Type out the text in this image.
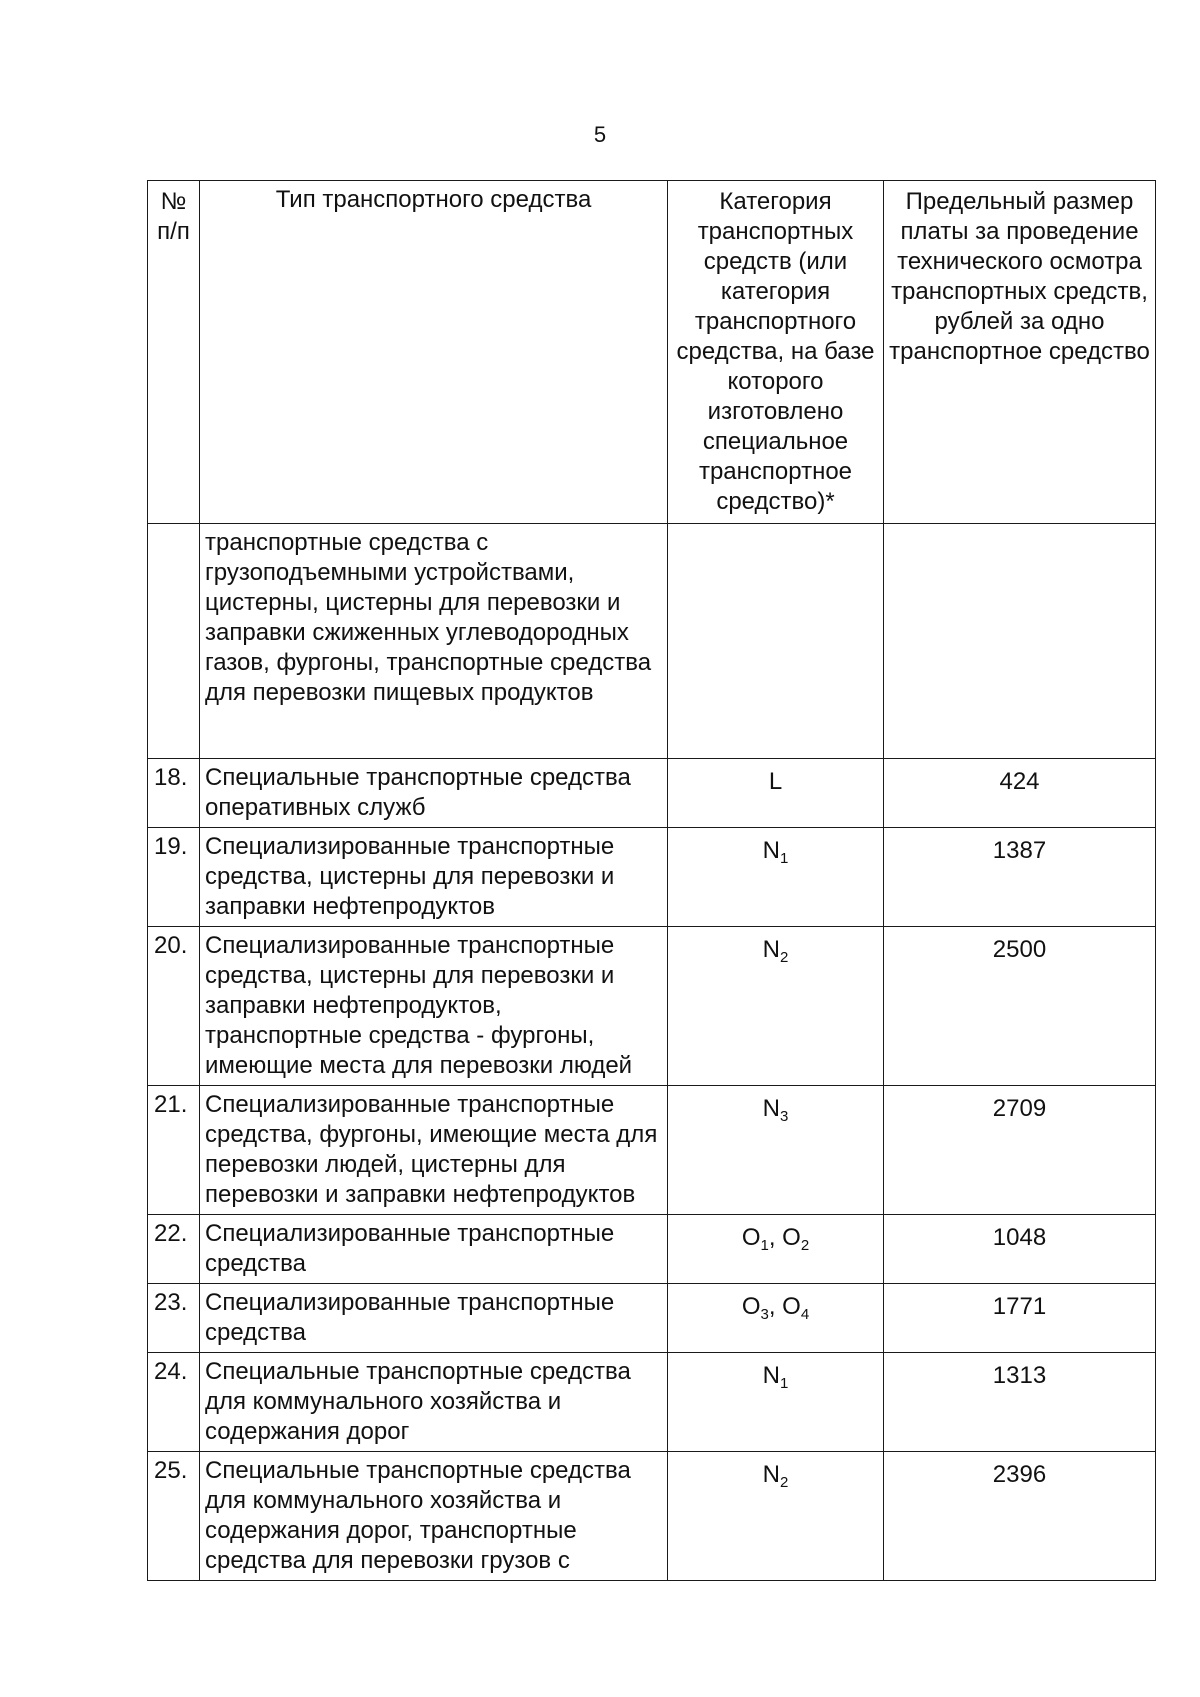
5
№ п/п	Тип транспортного средства	Категория транспортных средств (или категория транспортного средства, на базе которого изготовлено специальное транспортное средство)*	Предельный размер платы за проведение технического осмотра транспортных средств, рублей за одно транспортное средство
	транспортные средства с грузоподъемными устройствами, цистерны, цистерны для перевозки и заправки сжиженных углеводородных газов, фургоны, транспортные средства для перевозки пищевых продуктов		
18.	Специальные транспортные средства оперативных служб	L	424
19.	Специализированные транспортные средства, цистерны для перевозки и заправки нефтепродуктов	$N_1$	1387
20.	Специализированные транспортные средства, цистерны для перевозки и заправки нефтепродуктов, транспортные средства - фургоны, имеющие места для перевозки людей	$N_2$	2500
21.	Специализированные транспортные средства, фургоны, имеющие места для перевозки людей, цистерны для перевозки и заправки нефтепродуктов	$N_3$	2709
22.	Специализированные транспортные средства	$O_1$, $O_2$	1048
23.	Специализированные транспортные средства	$O_3$, $O_4$	1771
24.	Специальные транспортные средства для коммунального хозяйства и содержания дорог	$N_1$	1313
25.	Специальные транспортные средства для коммунального хозяйства и содержания дорог, транспортные средства для перевозки грузов с	$N_2$	2396
